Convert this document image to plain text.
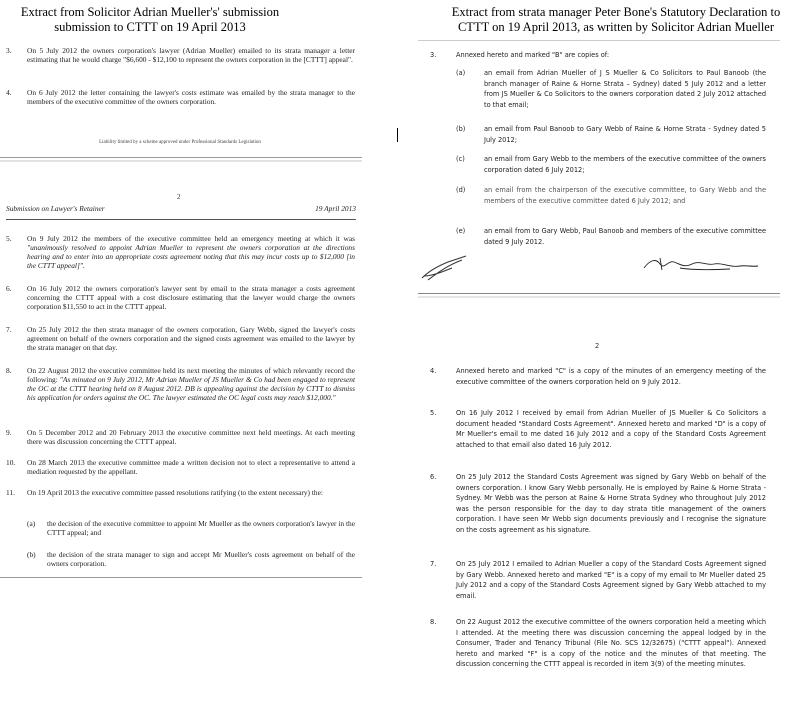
Extract from Solicitor Adrian Mueller's' submission submission to CTTT on 19 April 2013
Extract from strata manager Peter Bone's Statutory Declaration to CTTT on 19 April 2013, as written by Solicitor Adrian Mueller
3. On 5 July 2012 the owners corporation's lawyer (Adrian Mueller) emailed to its strata manager a letter estimating that he would charge "$6,600 - $12,100 to represent the owners corporation in the [CTTT] appeal".
4. On 6 July 2012 the letter containing the lawyer's costs estimate was emailed by the strata manager to the members of the executive committee of the owners corporation.
Liability limited by a scheme approved under Professional Standards Legislation
2
Submission on Lawyer's Retainer	19 April 2013
5. On 9 July 2012 the members of the executive committee held an emergency meeting at which it was "unanimously resolved to appoint Adrian Mueller to represent the owners corporation at the directions hearing and to enter into an appropriate costs agreement noting that this may incur costs up to $12,000 [in the CTTT appeal]".
6. On 16 July 2012 the owners corporation's lawyer sent by email to the strata manager a costs agreement concerning the CTTT appeal with a cost disclosure estimating that the lawyer would charge the owners corporation $11,550 to act in the CTTT appeal.
7. On 25 July 2012 the then strata manager of the owners corporation, Gary Webb, signed the lawyer's costs agreement on behalf of the owners corporation and the signed costs agreement was emailed to the lawyer by the strata manager on that day.
8. On 22 August 2012 the executive committee held its next meeting the minutes of which relevantly record the following: "As minuted on 9 July 2012, Mr Adrian Mueller of JS Mueller & Co had been engaged to represent the OC at the CTTT hearing held on 8 August 2012. DB is appealing against the decision by CTTT to dismiss his application for orders against the OC. The lawyer estimated the OC legal costs may reach $12,000."
9. On 5 December 2012 and 20 February 2013 the executive committee next held meetings. At each meeting there was discussion concerning the CTTT appeal.
10. On 28 March 2013 the executive committee made a written decision not to elect a representative to attend a mediation requested by the appellant.
11. On 19 April 2013 the executive committee passed resolutions ratifying (to the extent necessary) the:
(a) the decision of the executive committee to appoint Mr Mueller as the owners corporation's lawyer in the CTTT appeal; and
(b) the decision of the strata manager to sign and accept Mr Mueller's costs agreement on behalf of the owners corporation.
3.	Annexed hereto and marked "B" are copies of:
(a)	an email from Adrian Mueller of J S Mueller & Co Solicitors to Paul Banoob (the branch manager of Raine & Horne Strata – Sydney) dated 5 July 2012 and a letter from JS Mueller & Co Solicitors to the owners corporation dated 2 July 2012 attached to that email;
(b)	an email from Paul Banoob to Gary Webb of Raine & Horne Strata - Sydney dated 5 July 2012;
(c)	an email from Gary Webb to the members of the executive committee of the owners corporation dated 6 July 2012;
(d)	an email from the chairperson of the executive committee, to Gary Webb and the members of the executive committee dated 6 July 2012; and
(e)	an email from to Gary Webb, Paul Banoob and members of the executive committee dated 9 July 2012.
2
4.	Annexed hereto and marked "C" is a copy of the minutes of an emergency meeting of the executive committee of the owners corporation held on 9 July 2012.
5.	On 16 July 2012 I received by email from Adrian Mueller of JS Mueller & Co Solicitors a document headed "Standard Costs Agreement". Annexed hereto and marked "D" is a copy of Mr Mueller's email to me dated 16 July 2012 and a copy of the Standard Costs Agreement attached to that email also dated 16 July 2012.
6.	On 25 July 2012 the Standard Costs Agreement was signed by Gary Webb on behalf of the owners corporation. I know Gary Webb personally. He is employed by Raine & Horne Strata - Sydney. Mr Webb was the person at Raine & Horne Strata Sydney who throughout July 2012 was the person responsible for the day to day strata title management of the owners corporation. I have seen Mr Webb sign documents previously and I recognise the signature on the costs agreement as his signature.
7.	On 25 July 2012 I emailed to Adrian Mueller a copy of the Standard Costs Agreement signed by Gary Webb. Annexed hereto and marked "E" is a copy of my email to Mr Mueller dated 25 July 2012 and a copy of the Standard Costs Agreement signed by Gary Webb attached to my email.
8.	On 22 August 2012 the executive committee of the owners corporation held a meeting which I attended. At the meeting there was discussion concerning the appeal lodged by in the Consumer, Trader and Tenancy Tribunal (File No. SCS 12/32675) ("CTTT appeal"). Annexed hereto and marked "F" is a copy of the notice and the minutes of that meeting. The discussion concerning the CTTT appeal is recorded in item 3(9) of the meeting minutes.
